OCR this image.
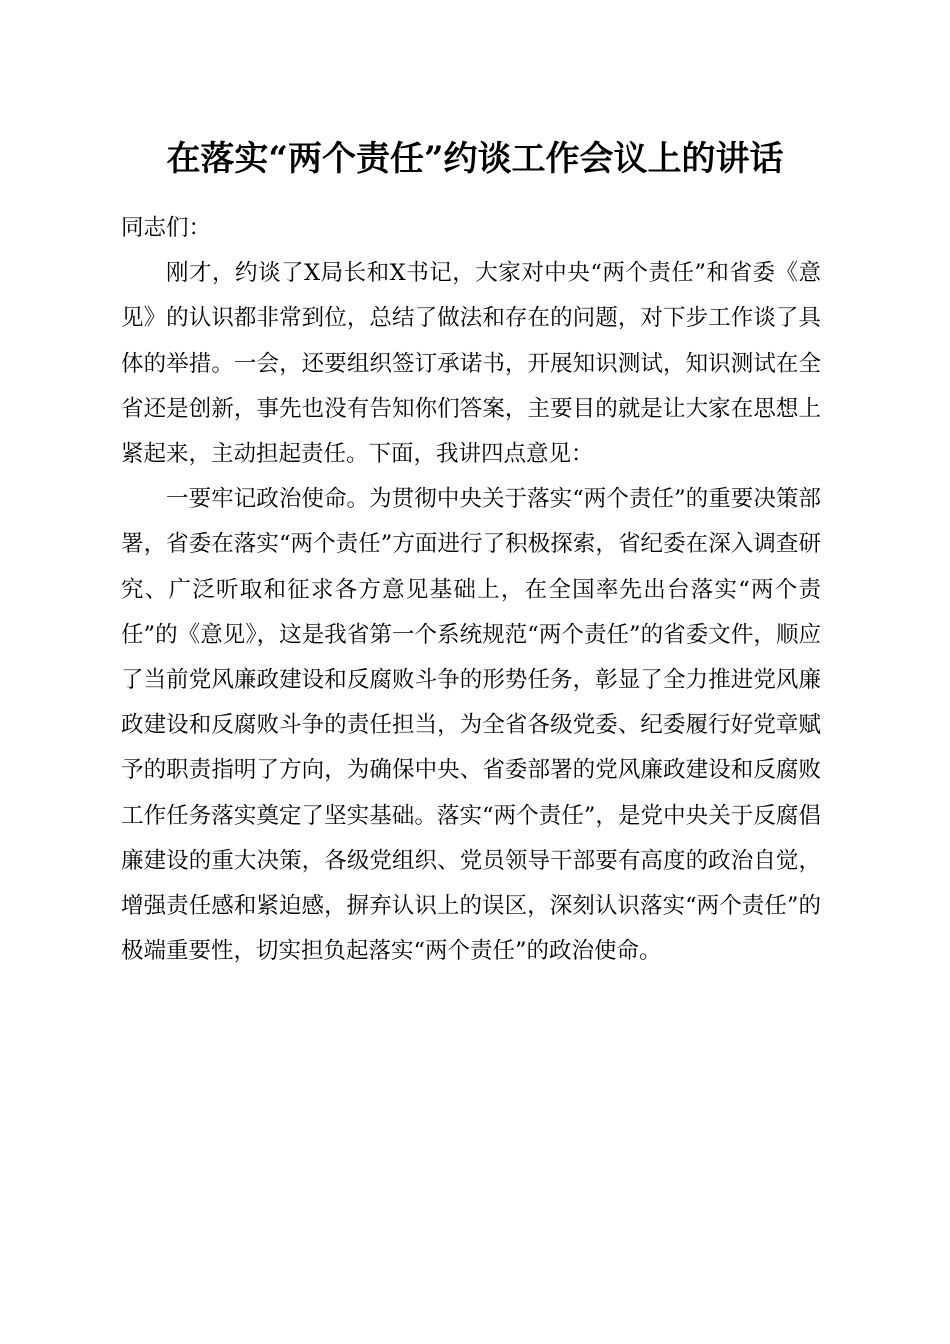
在落实“两个责任”约谈工作会议上的讲话

同志们：

刚才，约谈了X局长和X书记，大家对中央“两个责任”和省委《意见》的认识都非常到位，总结了做法和存在的问题，对下步工作谈了具体的举措。一会，还要组织签订承诺书，开展知识测试，知识测试在全省还是创新，事先也没有告知你们答案，主要目的就是让大家在思想上紧起来，主动担起责任。下面，我讲四点意见：

一要牢记政治使命。为贯彻中央关于落实“两个责任”的重要决策部署，省委在落实“两个责任”方面进行了积极探索，省纪委在深入调查研究、广泛听取和征求各方意见基础上，在全国率先出台落实“两个责任”的《意见》，这是我省第一个系统规范“两个责任”的省委文件，顺应了当前党风廉政建设和反腐败斗争的形势任务，彰显了全力推进党风廉政建设和反腐败斗争的责任担当，为全省各级党委、纪委履行好党章赋予的职责指明了方向，为确保中央、省委部署的党风廉政建设和反腐败工作任务落实奠定了坚实基础。落实“两个责任”，是党中央关于反腐倡廉建设的重大决策，各级党组织、党员领导干部要有高度的政治自觉，增强责任感和紧迫感，摒弃认识上的误区，深刻认识落实“两个责任”的极端重要性，切实担负起落实“两个责任”的政治使命。
